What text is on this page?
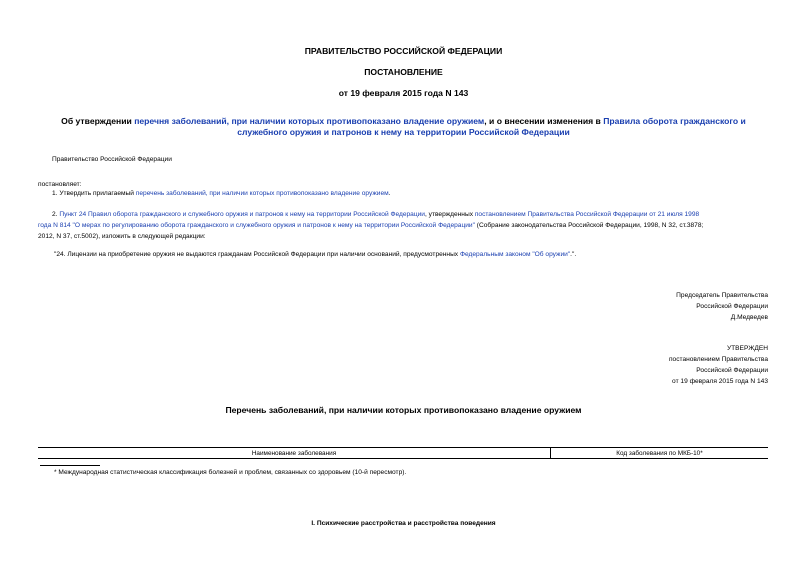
ПРАВИТЕЛЬСТВО РОССИЙСКОЙ ФЕДЕРАЦИИ
ПОСТАНОВЛЕНИЕ
от 19 февраля 2015 года N 143
Об утверждении перечня заболеваний, при наличии которых противопоказано владение оружием, и о внесении изменения в Правила оборота гражданского и
служебного оружия и патронов к нему на территории Российской Федерации
Правительство Российской Федерации
постановляет:
1. Утвердить прилагаемый перечень заболеваний, при наличии которых противопоказано владение оружием.
2. Пункт 24 Правил оборота гражданского и служебного оружия и патронов к нему на территории Российской Федерации, утвержденных постановлением Правительства Российской Федерации от 21 июля 1998
года N 814 "О мерах по регулированию оборота гражданского и служебного оружия и патронов к нему на территории Российской Федерации" (Собрание законодательства Российской Федерации, 1998, N 32, ст.3878;
2012, N 37, ст.5002), изложить в следующей редакции:
"24. Лицензии на приобретение оружия не выдаются гражданам Российской Федерации при наличии оснований, предусмотренных Федеральным законом "Об оружии".".
Председатель Правительства
Российской Федерации
Д.Медведев
УТВЕРЖДЕН
постановлением Правительства
Российской Федерации
от 19 февраля 2015 года N 143
Перечень заболеваний, при наличии которых противопоказано владение оружием
Наименование заболевания	Код заболевания по МКБ-10*
* Международная статистическая классификация болезней и проблем, связанных со здоровьем (10-й пересмотр).
I. Психические расстройства и расстройства поведения
